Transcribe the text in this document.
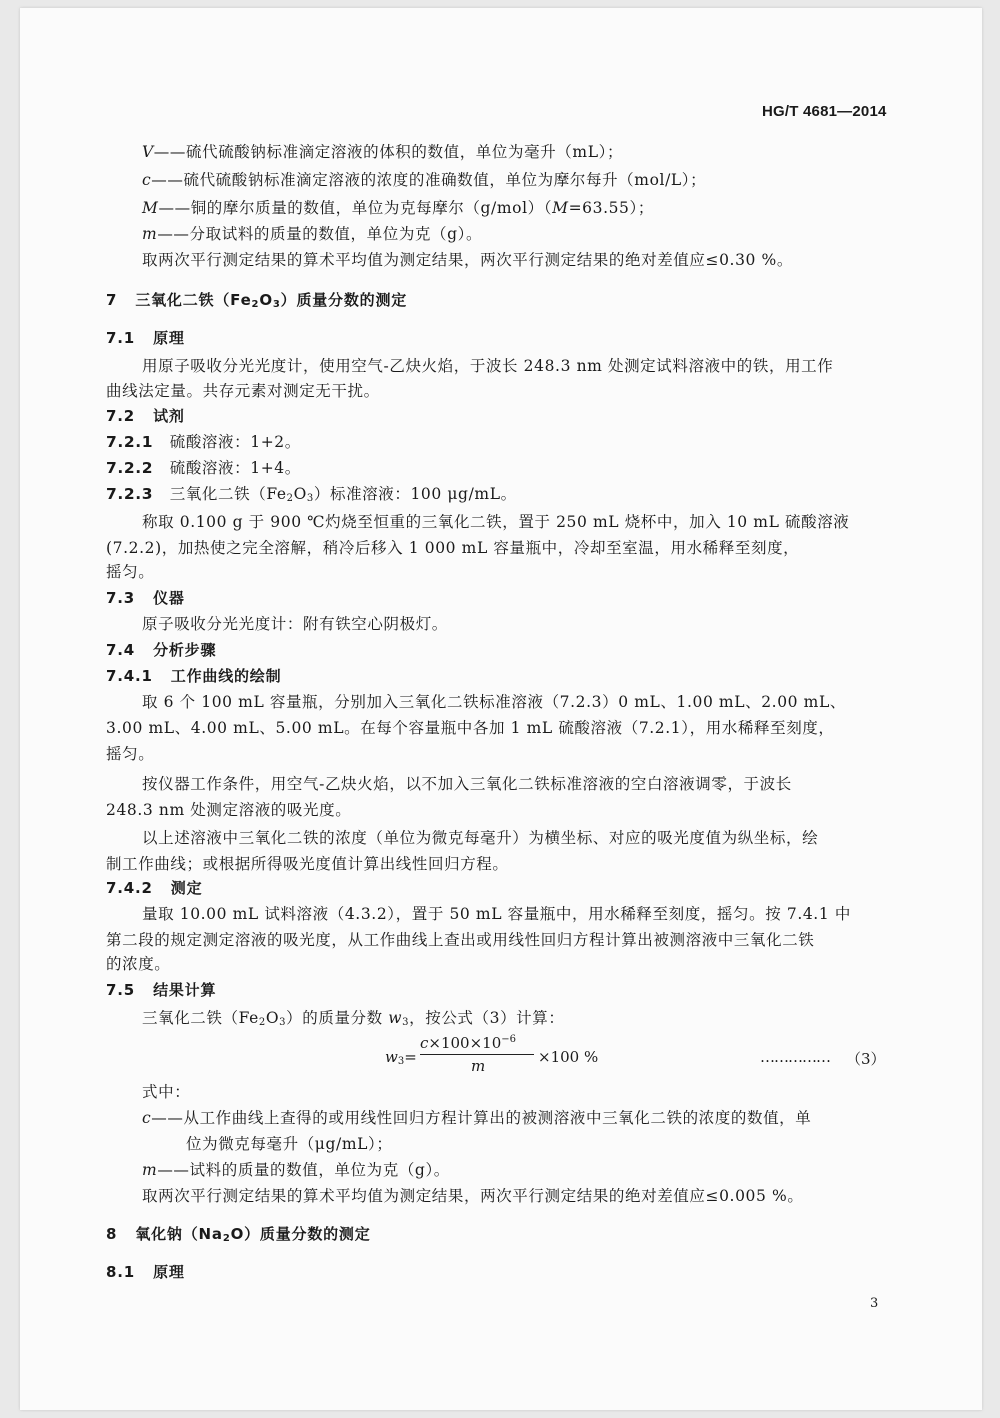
HG/T 4681—2014
V——硫代硫酸钠标准滴定溶液的体积的数值，单位为毫升（mL）；
c——硫代硫酸钠标准滴定溶液的浓度的准确数值，单位为摩尔每升（mol/L）；
M——铜的摩尔质量的数值，单位为克每摩尔（g/mol）（M=63.55）；
m——分取试料的质量的数值，单位为克（g）。
取两次平行测定结果的算术平均值为测定结果，两次平行测定结果的绝对差值应≤0.30 %。
7 三氧化二铁$(Fe_2O_3)$质量分数的测定
7.1 原理
用原子吸收分光光度计，使用空气-乙炔火焰，于波长 248.3 nm 处测定试料溶液中的铁，用工作
曲线法定量。共存元素对测定无干扰。
7.2 试剂
7.2.1 硫酸溶液：1+2。
7.2.2 硫酸溶液：1+4。
7.2.3 三氧化二铁$(Fe_2O_3)$标准溶液：100 μg/mL。
称取 0.100 g 于 900 ℃灼烧至恒重的三氧化二铁，置于 250 mL 烧杯中，加入 10 mL 硫酸溶液
(7.2.2)，加热使之完全溶解，稍冷后移入 1 000 mL 容量瓶中，冷却至室温，用水稀释至刻度，
摇匀。
7.3 仪器
原子吸收分光光度计：附有铁空心阴极灯。
7.4 分析步骤
7.4.1 工作曲线的绘制
取 6 个 100 mL 容量瓶，分别加入三氧化二铁标准溶液（7.2.3）0 mL、1.00 mL、2.00 mL、
3.00 mL、4.00 mL、5.00 mL。在每个容量瓶中各加 1 mL 硫酸溶液（7.2.1），用水稀释至刻度，
摇匀。
按仪器工作条件，用空气-乙炔火焰，以不加入三氧化二铁标准溶液的空白溶液调零，于波长
248.3 nm 处测定溶液的吸光度。
以上述溶液中三氧化二铁的浓度（单位为微克每毫升）为横坐标、对应的吸光度值为纵坐标，绘
制工作曲线；或根据所得吸光度值计算出线性回归方程。
7.4.2 测定
量取 10.00 mL 试料溶液（4.3.2），置于 50 mL 容量瓶中，用水稀释至刻度，摇匀。按 7.4.1 中
第二段的规定测定溶液的吸光度，从工作曲线上查出或用线性回归方程计算出被测溶液中三氧化二铁
的浓度。
7.5 结果计算
三氧化二铁$(Fe_2O_3)$的质量分数 $w_3$，按公式（3）计算：
$w_3=$
$c\times 100\times 10^{-6}$
m	×100 %	…………… （3）
式中：
c——从工作曲线上查得的或用线性回归方程计算出的被测溶液中三氧化二铁的浓度的数值，单
位为微克每毫升（μg/mL）；
m——试料的质量的数值，单位为克（g）。
取两次平行测定结果的算术平均值为测定结果，两次平行测定结果的绝对差值应≤0.005 %。
8 氧化钠$(Na_2O)$质量分数的测定
8.1 原理
3
